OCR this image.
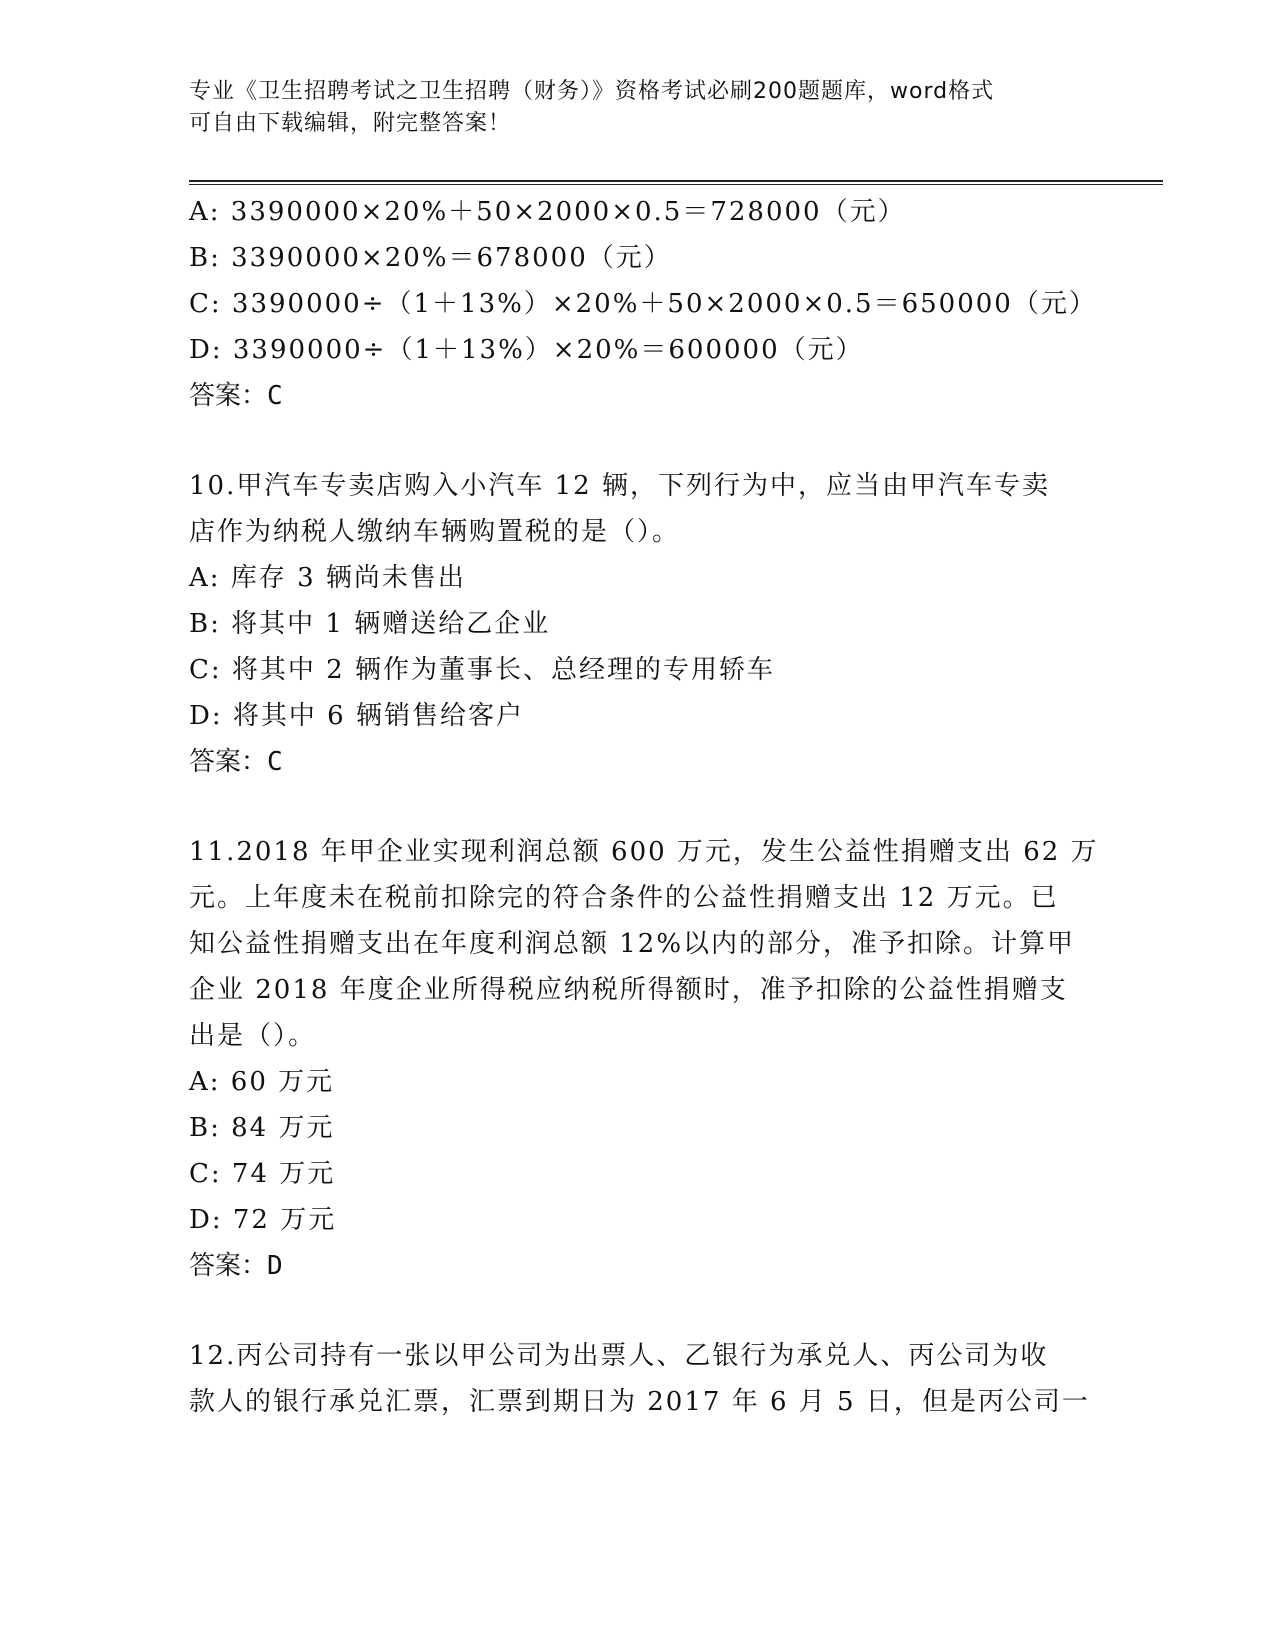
专业《卫生招聘考试之卫生招聘（财务）》资格考试必刷200题题库，word格式
可自由下载编辑，附完整答案！
A: 3390000×20%＋50×2000×0.5＝728000（元）
B: 3390000×20%＝678000（元）
C: 3390000÷（1＋13%）×20%＋50×2000×0.5＝650000（元）
D: 3390000÷（1＋13%）×20%＝600000（元）
答案：C
10.甲汽车专卖店购入小汽车 12 辆，下列行为中，应当由甲汽车专卖
店作为纳税人缴纳车辆购置税的是（）。
A: 库存 3 辆尚未售出
B: 将其中 1 辆赠送给乙企业
C: 将其中 2 辆作为董事长、总经理的专用轿车
D: 将其中 6 辆销售给客户
答案：C
11.2018 年甲企业实现利润总额 600 万元，发生公益性捐赠支出 62 万
元。上年度未在税前扣除完的符合条件的公益性捐赠支出 12 万元。已
知公益性捐赠支出在年度利润总额 12%以内的部分，准予扣除。计算甲
企业 2018 年度企业所得税应纳税所得额时，准予扣除的公益性捐赠支
出是（）。
A: 60 万元
B: 84 万元
C: 74 万元
D: 72 万元
答案：D
12.丙公司持有一张以甲公司为出票人、乙银行为承兑人、丙公司为收
款人的银行承兑汇票，汇票到期日为 2017 年 6 月 5 日，但是丙公司一
